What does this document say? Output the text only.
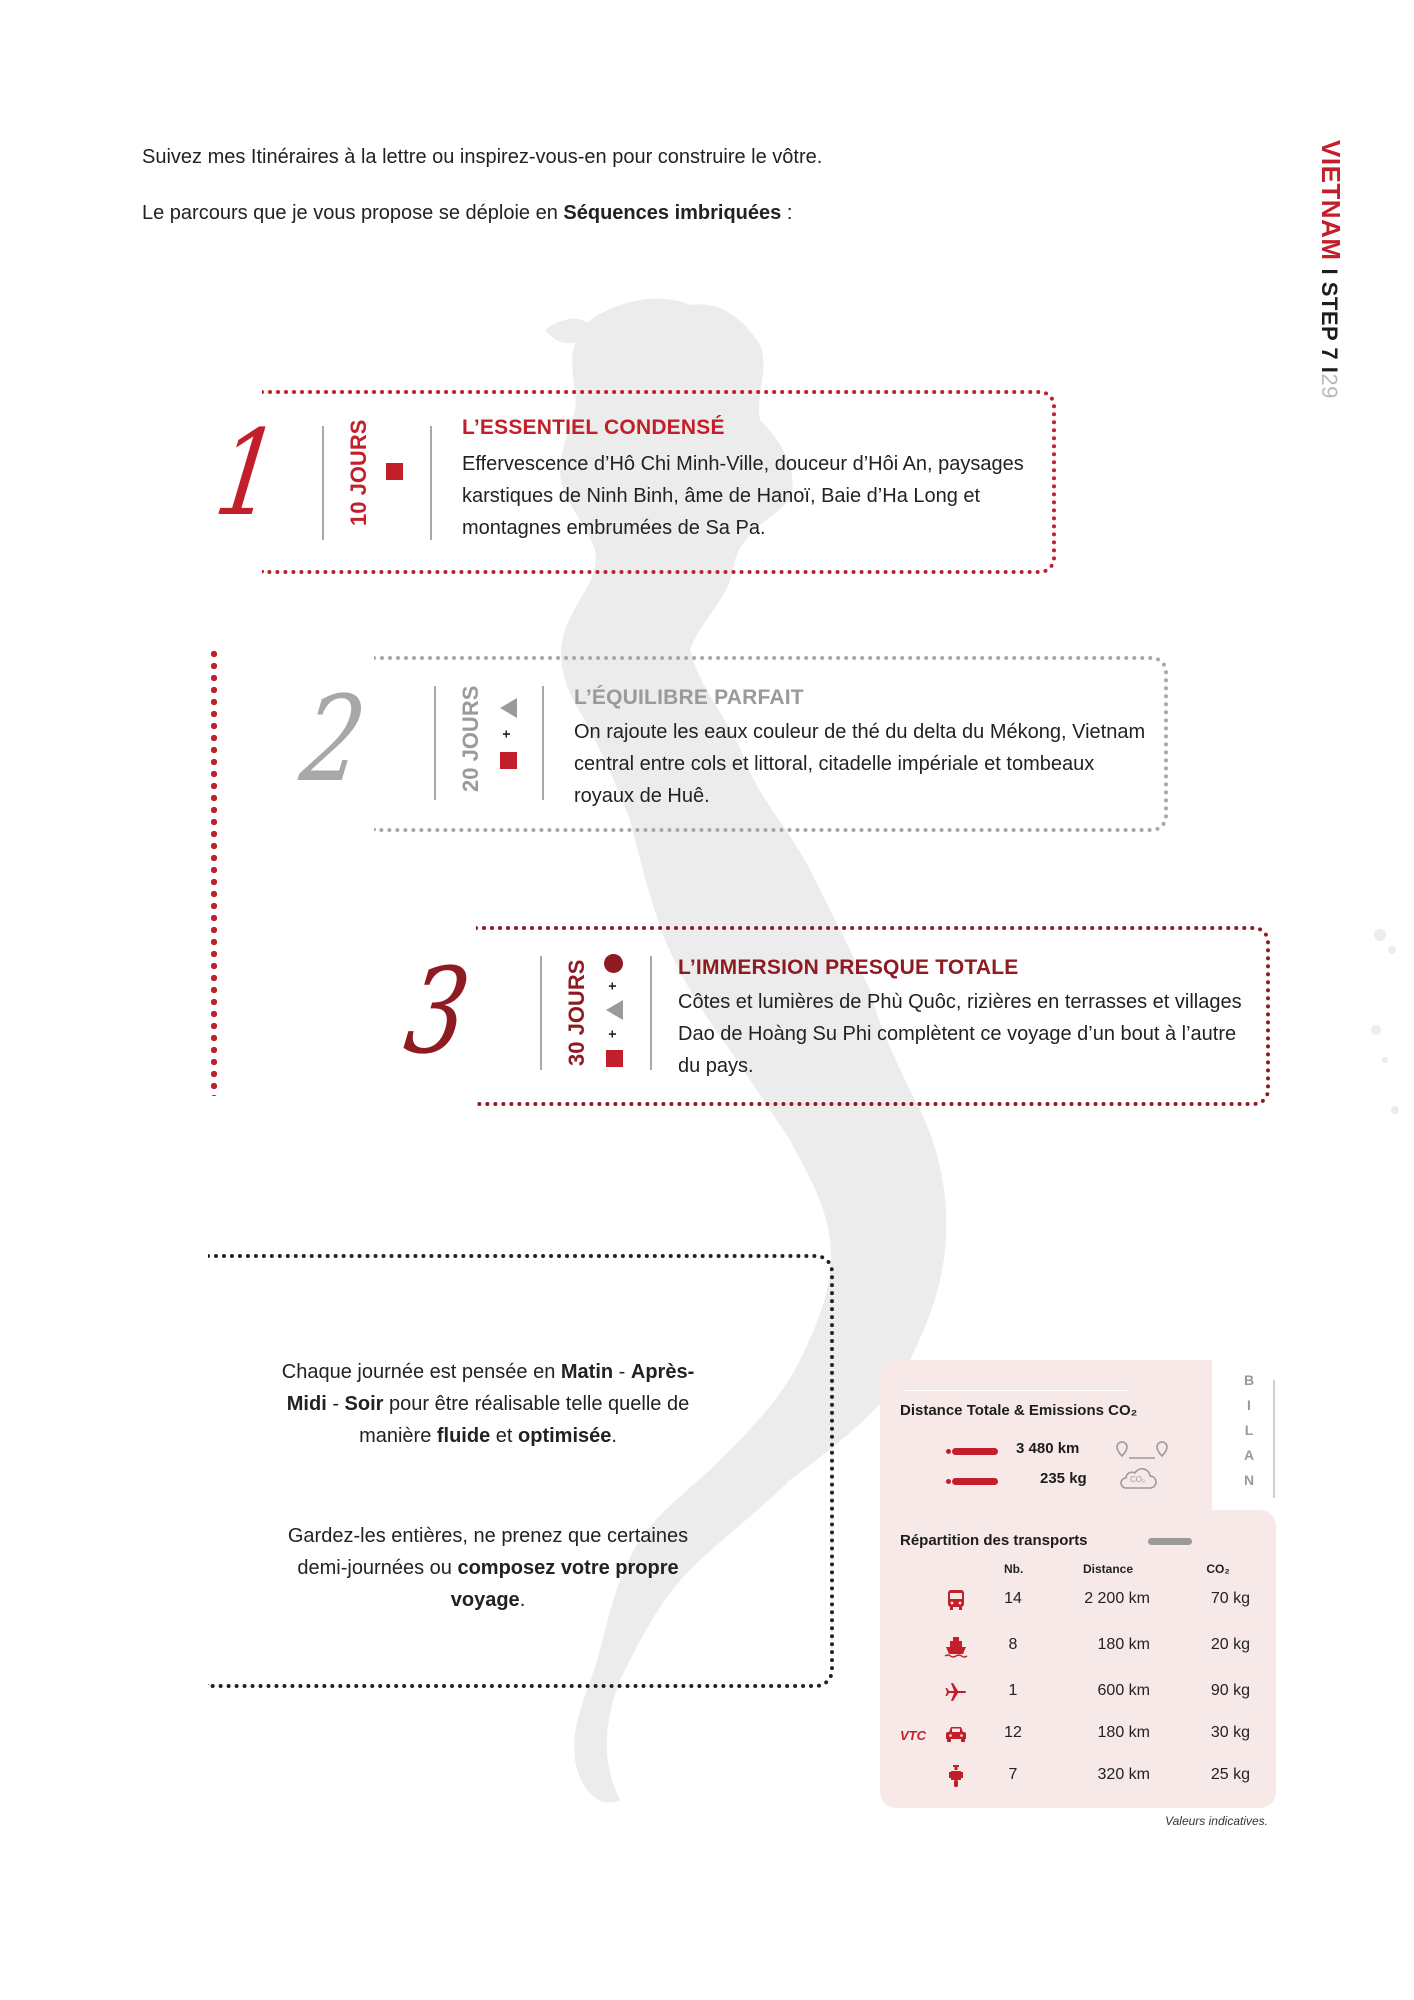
Suivez mes Itinéraires à la lettre ou inspirez-vous-en pour construire le vôtre.
Le parcours que je vous propose se déploie en Séquences imbriquées :	VIETNAMI STEP 7 I29
1	10 JOURS	L’ESSENTIEL CONDENSÉ
Effervescence d’Hô Chi Minh-Ville, douceur d’Hôi An, paysages karstiques de Ninh Binh, âme de Hanoï, Baie d’Ha Long et montagnes embrumées de Sa Pa.
2	20 JOURS +
L’ÉQUILIBRE PARFAIT
On rajoute les eaux couleur de thé du delta du Mékong, Vietnam central entre cols et littoral, citadelle impériale et tombeaux royaux de Huê.
3	30 JOURS +
+
L’IMMERSION PRESQUE TOTALE
Côtes et lumières de Phù Quôc, rizières en terrasses et villages Dao de Hoàng Su Phi complètent ce voyage d’un bout à l’autre du pays.
Chaque journée est pensée en Matin - Après-Midi - Soir pour être réalisable telle quelle de manière fluide et optimisée.
Gardez-les entières, ne prenez que certaines demi-journées ou composez votre propre voyage.
B
I
L
A
N
Distance Totale & Emissions CO₂
3 480 km
235 kg	CO₂
Répartition des transports
Nb.	Distance	CO₂
14	2 200 km	70 kg
8	180 km	20 kg
1	600 km	90 kg
VTC	12	180 km	30 kg
7	320 km	25 kg
Valeurs indicatives.
